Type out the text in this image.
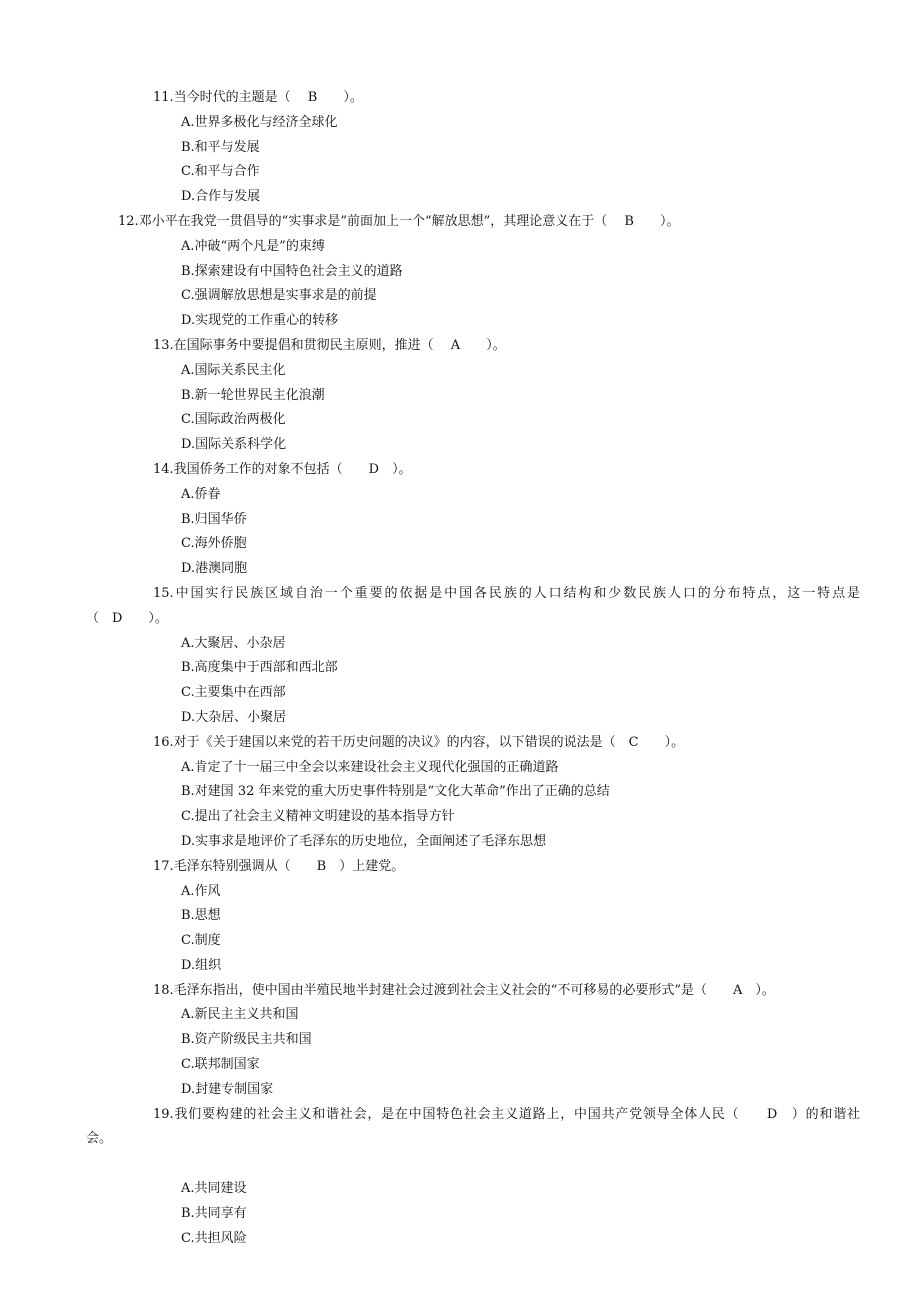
11.当今时代的主题是（　 B　　）。
A.世界多极化与经济全球化
B.和平与发展
C.和平与合作
D.合作与发展
12.邓小平在我党一贯倡导的“实事求是”前面加上一个“解放思想”，其理论意义在于（　 B　　）。
A.冲破“两个凡是”的束缚
B.探索建设有中国特色社会主义的道路
C.强调解放思想是实事求是的前提
D.实现党的工作重心的转移
13.在国际事务中要提倡和贯彻民主原则，推进（　 A　　）。
A.国际关系民主化
B.新一轮世界民主化浪潮
C.国际政治两极化
D.国际关系科学化
14.我国侨务工作的对象不包括（　　D　）。
A.侨眷
B.归国华侨
C.海外侨胞
D.港澳同胞
15.中国实行民族区域自治一个重要的依据是中国各民族的人口结构和少数民族人口的分布特点，这一特点是
（　D　　）。
A.大聚居、小杂居
B.高度集中于西部和西北部
C.主要集中在西部
D.大杂居、小聚居
16.对于《关于建国以来党的若干历史问题的决议》的内容，以下错误的说法是（　C　　）。
A.肯定了十一届三中全会以来建设社会主义现代化强国的正确道路
B.对建国 32 年来党的重大历史事件特别是“文化大革命”作出了正确的总结
C.提出了社会主义精神文明建设的基本指导方针
D.实事求是地评价了毛泽东的历史地位，全面阐述了毛泽东思想
17.毛泽东特别强调从（　　B　）上建党。
A.作风
B.思想
C.制度
D.组织
18.毛泽东指出，使中国由半殖民地半封建社会过渡到社会主义社会的“不可移易的必要形式”是（　　A　）。
A.新民主主义共和国
B.资产阶级民主共和国
C.联邦制国家
D.封建专制国家
19.我们要构建的社会主义和谐社会，是在中国特色社会主义道路上，中国共产党领导全体人民（　　D　）的和谐社
会。
A.共同建设
B.共同享有
C.共担风险
